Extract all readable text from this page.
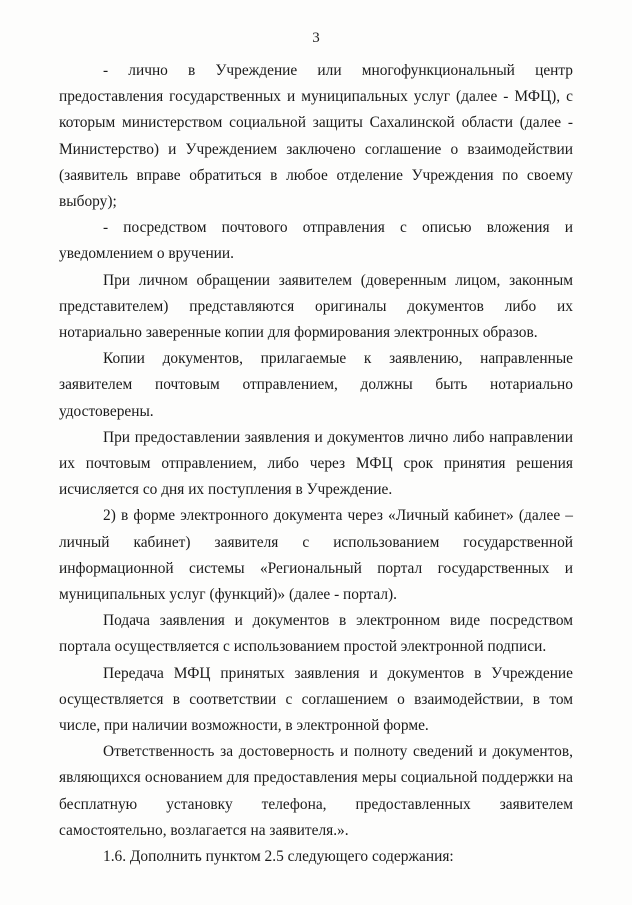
3

- лично в Учреждение или многофункциональный центр предоставления государственных и муниципальных услуг (далее - МФЦ), с которым министерством социальной защиты Сахалинской области (далее - Министерство) и Учреждением заключено соглашение о взаимодействии (заявитель вправе обратиться в любое отделение Учреждения по своему выбору);

- посредством почтового отправления с описью вложения и уведомлением о вручении.

При личном обращении заявителем (доверенным лицом, законным представителем) представляются оригиналы документов либо их нотариально заверенные копии для формирования электронных образов.

Копии документов, прилагаемые к заявлению, направленные заявителем почтовым отправлением, должны быть нотариально удостоверены.

При предоставлении заявления и документов лично либо направлении их почтовым отправлением, либо через МФЦ срок принятия решения исчисляется со дня их поступления в Учреждение.

2) в форме электронного документа через «Личный кабинет» (далее – личный кабинет) заявителя с использованием государственной информационной системы «Региональный портал государственных и муниципальных услуг (функций)» (далее - портал).

Подача заявления и документов в электронном виде посредством портала осуществляется с использованием простой электронной подписи.

Передача МФЦ принятых заявления и документов в Учреждение осуществляется в соответствии с соглашением о взаимодействии, в том числе, при наличии возможности, в электронной форме.

Ответственность за достоверность и полноту сведений и документов, являющихся основанием для предоставления меры социальной поддержки на бесплатную установку телефона, предоставленных заявителем самостоятельно, возлагается на заявителя.».

1.6. Дополнить пунктом 2.5 следующего содержания:
